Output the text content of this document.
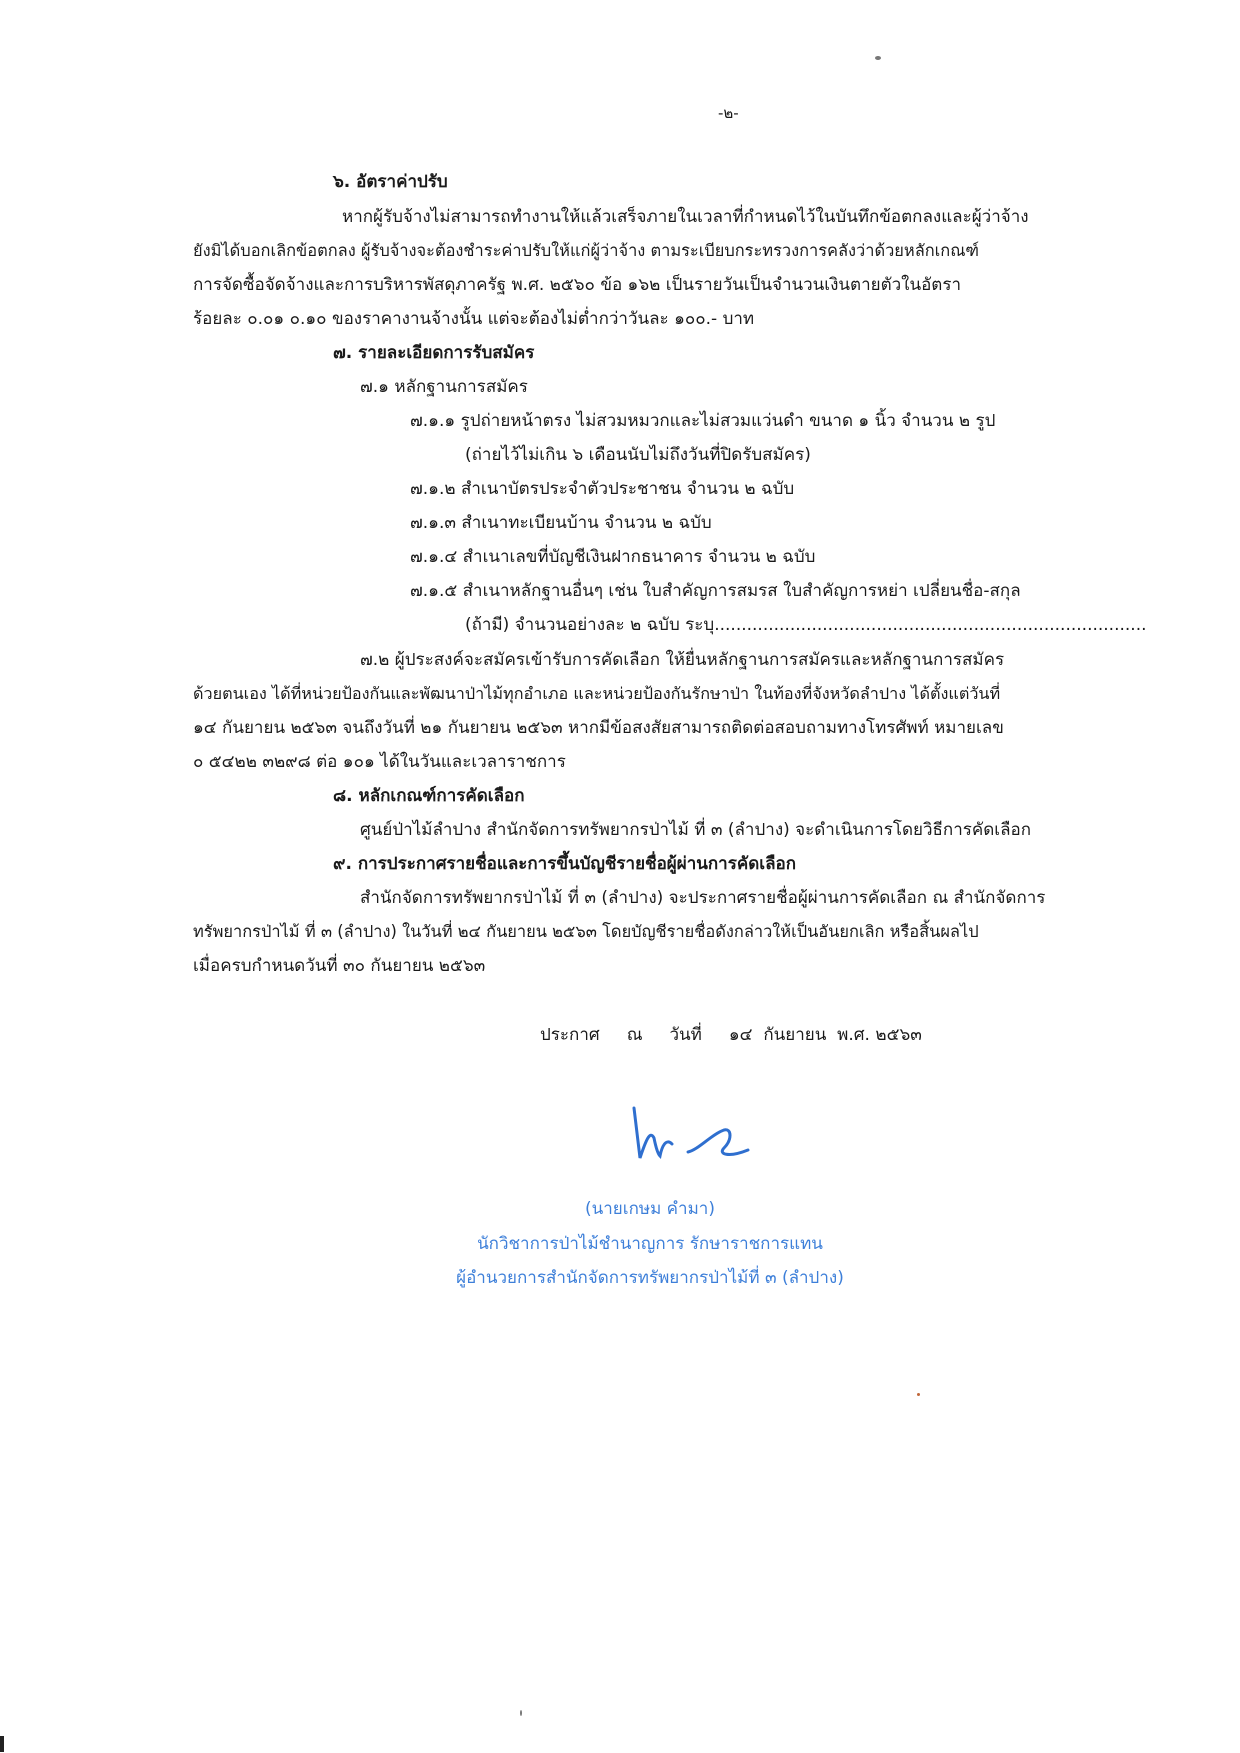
-๒-
๖. อัตราค่าปรับ
หากผู้รับจ้างไม่สามารถทำงานให้แล้วเสร็จภายในเวลาที่กำหนดไว้ในบันทึกข้อตกลงและผู้ว่าจ้าง
ยังมิได้บอกเลิกข้อตกลง ผู้รับจ้างจะต้องชำระค่าปรับให้แก่ผู้ว่าจ้าง ตามระเบียบกระทรวงการคลังว่าด้วยหลักเกณฑ์
การจัดซื้อจัดจ้างและการบริหารพัสดุภาครัฐ พ.ศ. ๒๕๖๐ ข้อ ๑๖๒ เป็นรายวันเป็นจำนวนเงินตายตัวในอัตรา
ร้อยละ ๐.๐๑ ๐.๑๐ ของราคางานจ้างนั้น แต่จะต้องไม่ต่ำกว่าวันละ ๑๐๐.- บาท
๗. รายละเอียดการรับสมัคร
๗.๑ หลักฐานการสมัคร
๗.๑.๑ รูปถ่ายหน้าตรง ไม่สวมหมวกและไม่สวมแว่นดำ ขนาด ๑ นิ้ว จำนวน ๒ รูป
(ถ่ายไว้ไม่เกิน ๖ เดือนนับไม่ถึงวันที่ปิดรับสมัคร)
๗.๑.๒ สำเนาบัตรประจำตัวประชาชน จำนวน ๒ ฉบับ
๗.๑.๓ สำเนาทะเบียนบ้าน จำนวน ๒ ฉบับ
๗.๑.๔ สำเนาเลขที่บัญชีเงินฝากธนาคาร จำนวน ๒ ฉบับ
๗.๑.๕ สำเนาหลักฐานอื่นๆ เช่น ใบสำคัญการสมรส ใบสำคัญการหย่า เปลี่ยนชื่อ-สกุล
(ถ้ามี) จำนวนอย่างละ ๒ ฉบับ ระบุ................................................................................
๗.๒ ผู้ประสงค์จะสมัครเข้ารับการคัดเลือก ให้ยื่นหลักฐานการสมัครและหลักฐานการสมัคร
ด้วยตนเอง ได้ที่หน่วยป้องกันและพัฒนาป่าไม้ทุกอำเภอ และหน่วยป้องกันรักษาป่า ในท้องที่จังหวัดลำปาง ได้ตั้งแต่วันที่
๑๔ กันยายน ๒๕๖๓ จนถึงวันที่ ๒๑ กันยายน ๒๕๖๓ หากมีข้อสงสัยสามารถติดต่อสอบถามทางโทรศัพท์ หมายเลข
๐ ๕๔๒๒ ๓๒๙๘ ต่อ ๑๐๑ ได้ในวันและเวลาราชการ
๘. หลักเกณฑ์การคัดเลือก
ศูนย์ป่าไม้ลำปาง สำนักจัดการทรัพยากรป่าไม้ ที่ ๓ (ลำปาง) จะดำเนินการโดยวิธีการคัดเลือก
๙. การประกาศรายชื่อและการขึ้นบัญชีรายชื่อผู้ผ่านการคัดเลือก
สำนักจัดการทรัพยากรป่าไม้ ที่ ๓ (ลำปาง) จะประกาศรายชื่อผู้ผ่านการคัดเลือก ณ สำนักจัดการ
ทรัพยากรป่าไม้ ที่ ๓ (ลำปาง) ในวันที่ ๒๔ กันยายน ๒๕๖๓ โดยบัญชีรายชื่อดังกล่าวให้เป็นอันยกเลิก หรือสิ้นผลไป
เมื่อครบกำหนดวันที่ ๓๐ กันยายน ๒๕๖๓
ประกาศ     ณ     วันที่     ๑๔  กันยายน  พ.ศ. ๒๕๖๓
(นายเกษม คำมา)
นักวิชาการป่าไม้ชำนาญการ รักษาราชการแทน
ผู้อำนวยการสำนักจัดการทรัพยากรป่าไม้ที่ ๓ (ลำปาง)
